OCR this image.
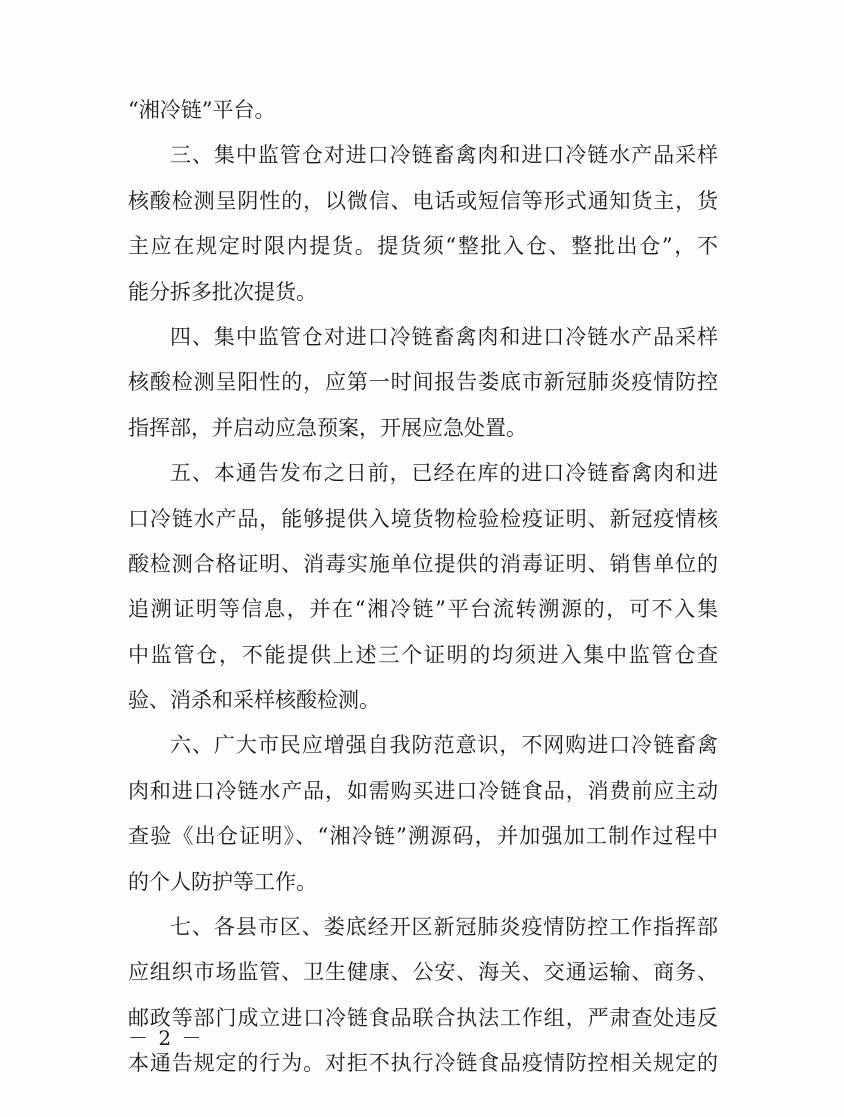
“湘冷链”平台。
三、集中监管仓对进口冷链畜禽肉和进口冷链水产品采样
核酸检测呈阴性的，以微信、电话或短信等形式通知货主，货
主应在规定时限内提货。提货须“整批入仓、整批出仓”，不
能分拆多批次提货。
四、集中监管仓对进口冷链畜禽肉和进口冷链水产品采样
核酸检测呈阳性的，应第一时间报告娄底市新冠肺炎疫情防控
指挥部，并启动应急预案，开展应急处置。
五、本通告发布之日前，已经在库的进口冷链畜禽肉和进
口冷链水产品，能够提供入境货物检验检疫证明、新冠疫情核
酸检测合格证明、消毒实施单位提供的消毒证明、销售单位的
追溯证明等信息，并在“湘冷链”平台流转溯源的，可不入集
中监管仓，不能提供上述三个证明的均须进入集中监管仓查
验、消杀和采样核酸检测。
六、广大市民应增强自我防范意识，不网购进口冷链畜禽
肉和进口冷链水产品，如需购买进口冷链食品，消费前应主动
查验《出仓证明》、“湘冷链”溯源码，并加强加工制作过程中
的个人防护等工作。
七、各县市区、娄底经开区新冠肺炎疫情防控工作指挥部
应组织市场监管、卫生健康、公安、海关、交通运输、商务、
邮政等部门成立进口冷链食品联合执法工作组，严肃查处违反
本通告规定的行为。对拒不执行冷链食品疫情防控相关规定的
－ 2 －
